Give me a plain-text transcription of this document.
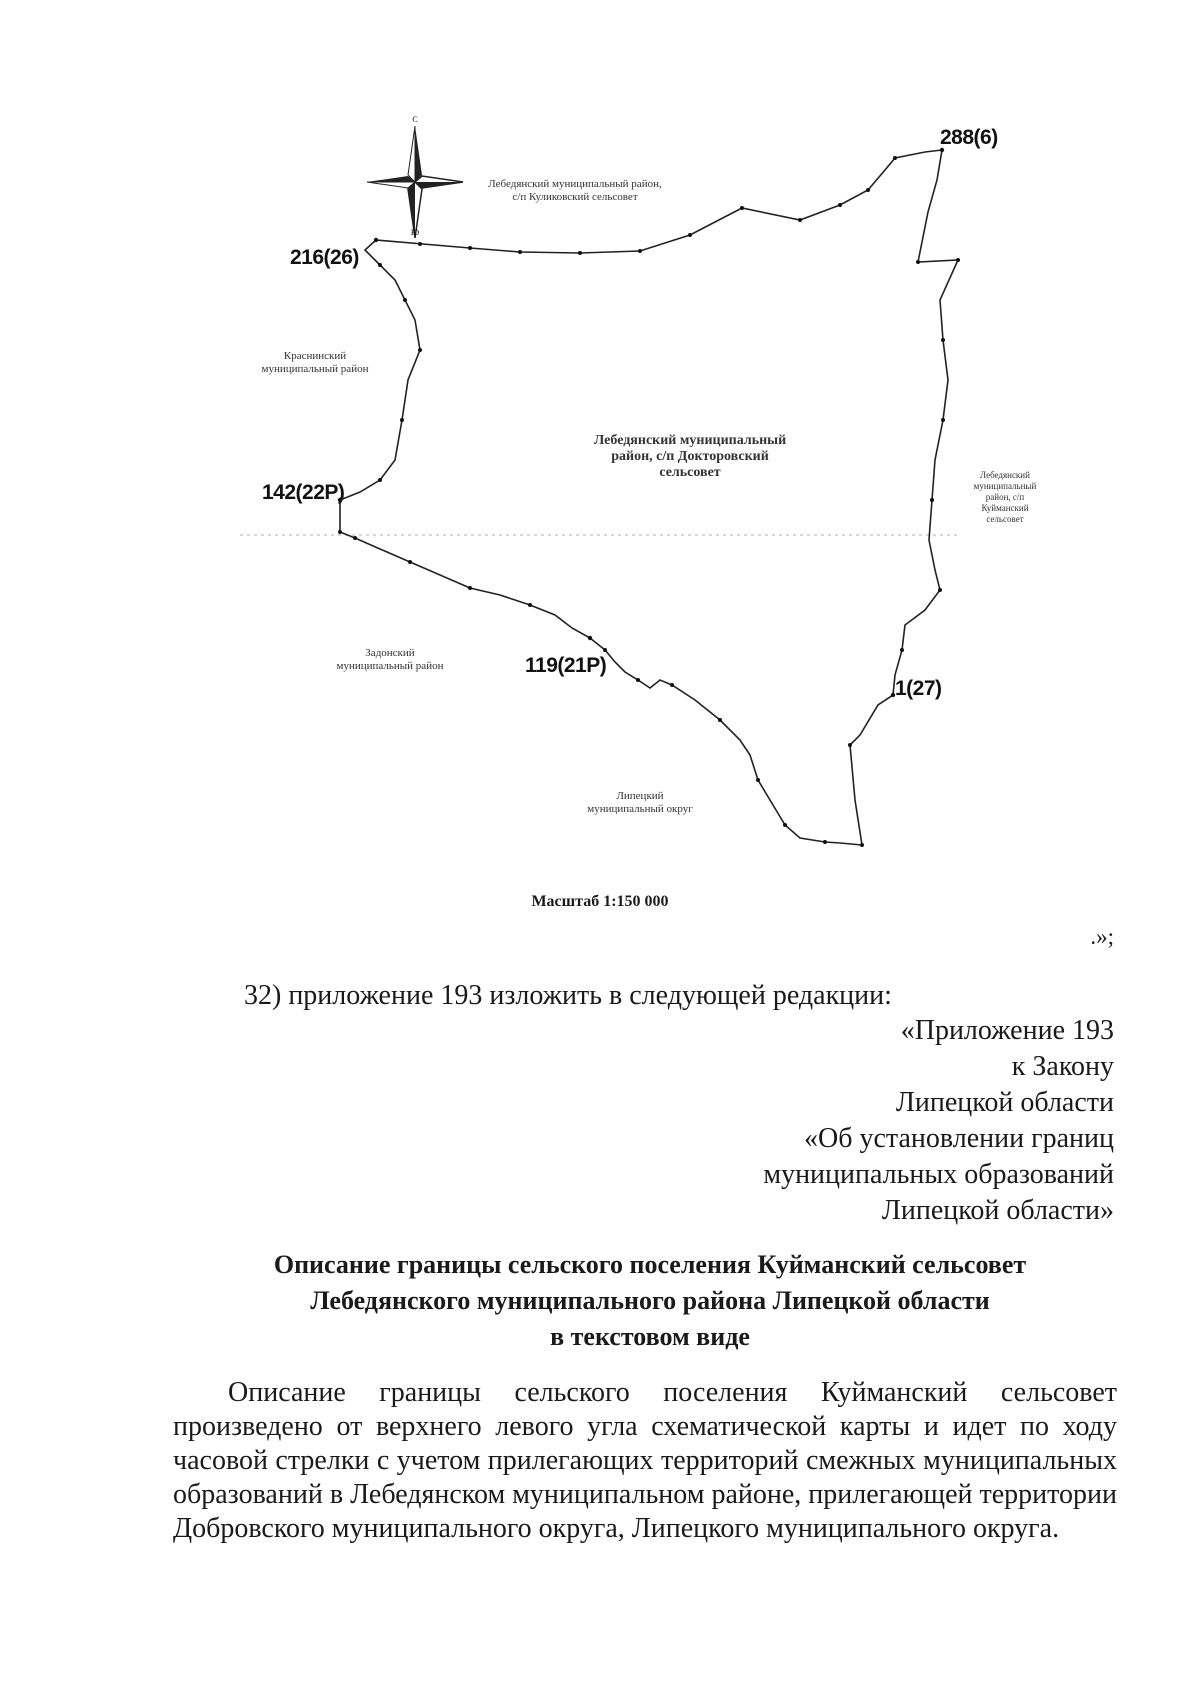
С
Ю
Лебедянский муниципальный район,
с/п Куликовский сельсовет
Краснинский
муниципальный район
Лебедянский муниципальный
район, с/п Докторовский
сельсовет	Лебедянский
муниципальный
район, с/п
Куйманский
сельсовет
Задонский
муниципальный район
Липецкий
муниципальный округ
288(6)
216(26)
142(22Р)
119(21Р)
1(27)
Масштаб 1:150 000
.»;
32) приложение 193 изложить в следующей редакции:
«Приложение 193
к Закону
Липецкой области
«Об установлении границ
муниципальных образований
Липецкой области»
Описание границы сельского поселения Куйманский сельсовет
Лебедянского муниципального района Липецкой области
в текстовом виде
Описание границы сельского поселения Куйманский сельсовет произведено от верхнего левого угла схематической карты и идет по ходу часовой стрелки с учетом прилегающих территорий смежных муниципальных образований в Лебедянском муниципальном районе, прилегающей территории Добровского муниципального округа, Липецкого муниципального округа.
